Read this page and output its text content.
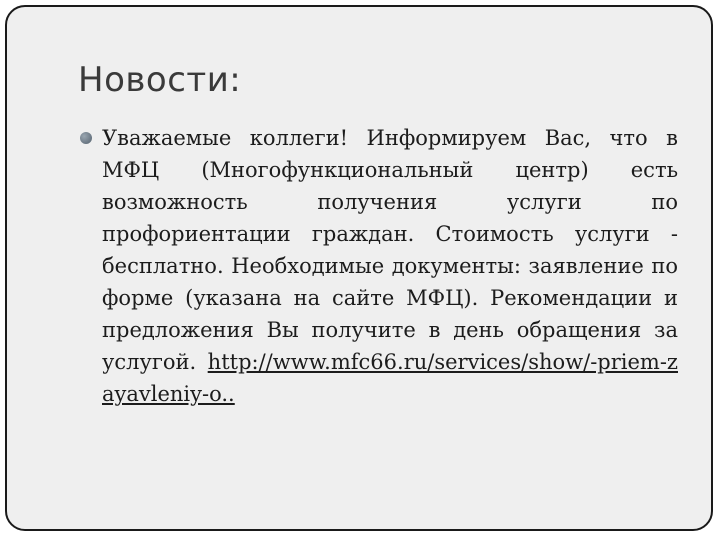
Новости:
Уважаемые коллеги! Информируем Вас, что в МФЦ (Многофункциональный центр) есть возможность получения услуги по профориентации граждан. Стоимость услуги - бесплатно. Необходимые документы: заявление по форме (указана на сайте МФЦ). Рекомендации и предложения Вы получите в день обращения за услугой. http://www.mfc66.ru/services/show/-priem-zayavleniy-o..
